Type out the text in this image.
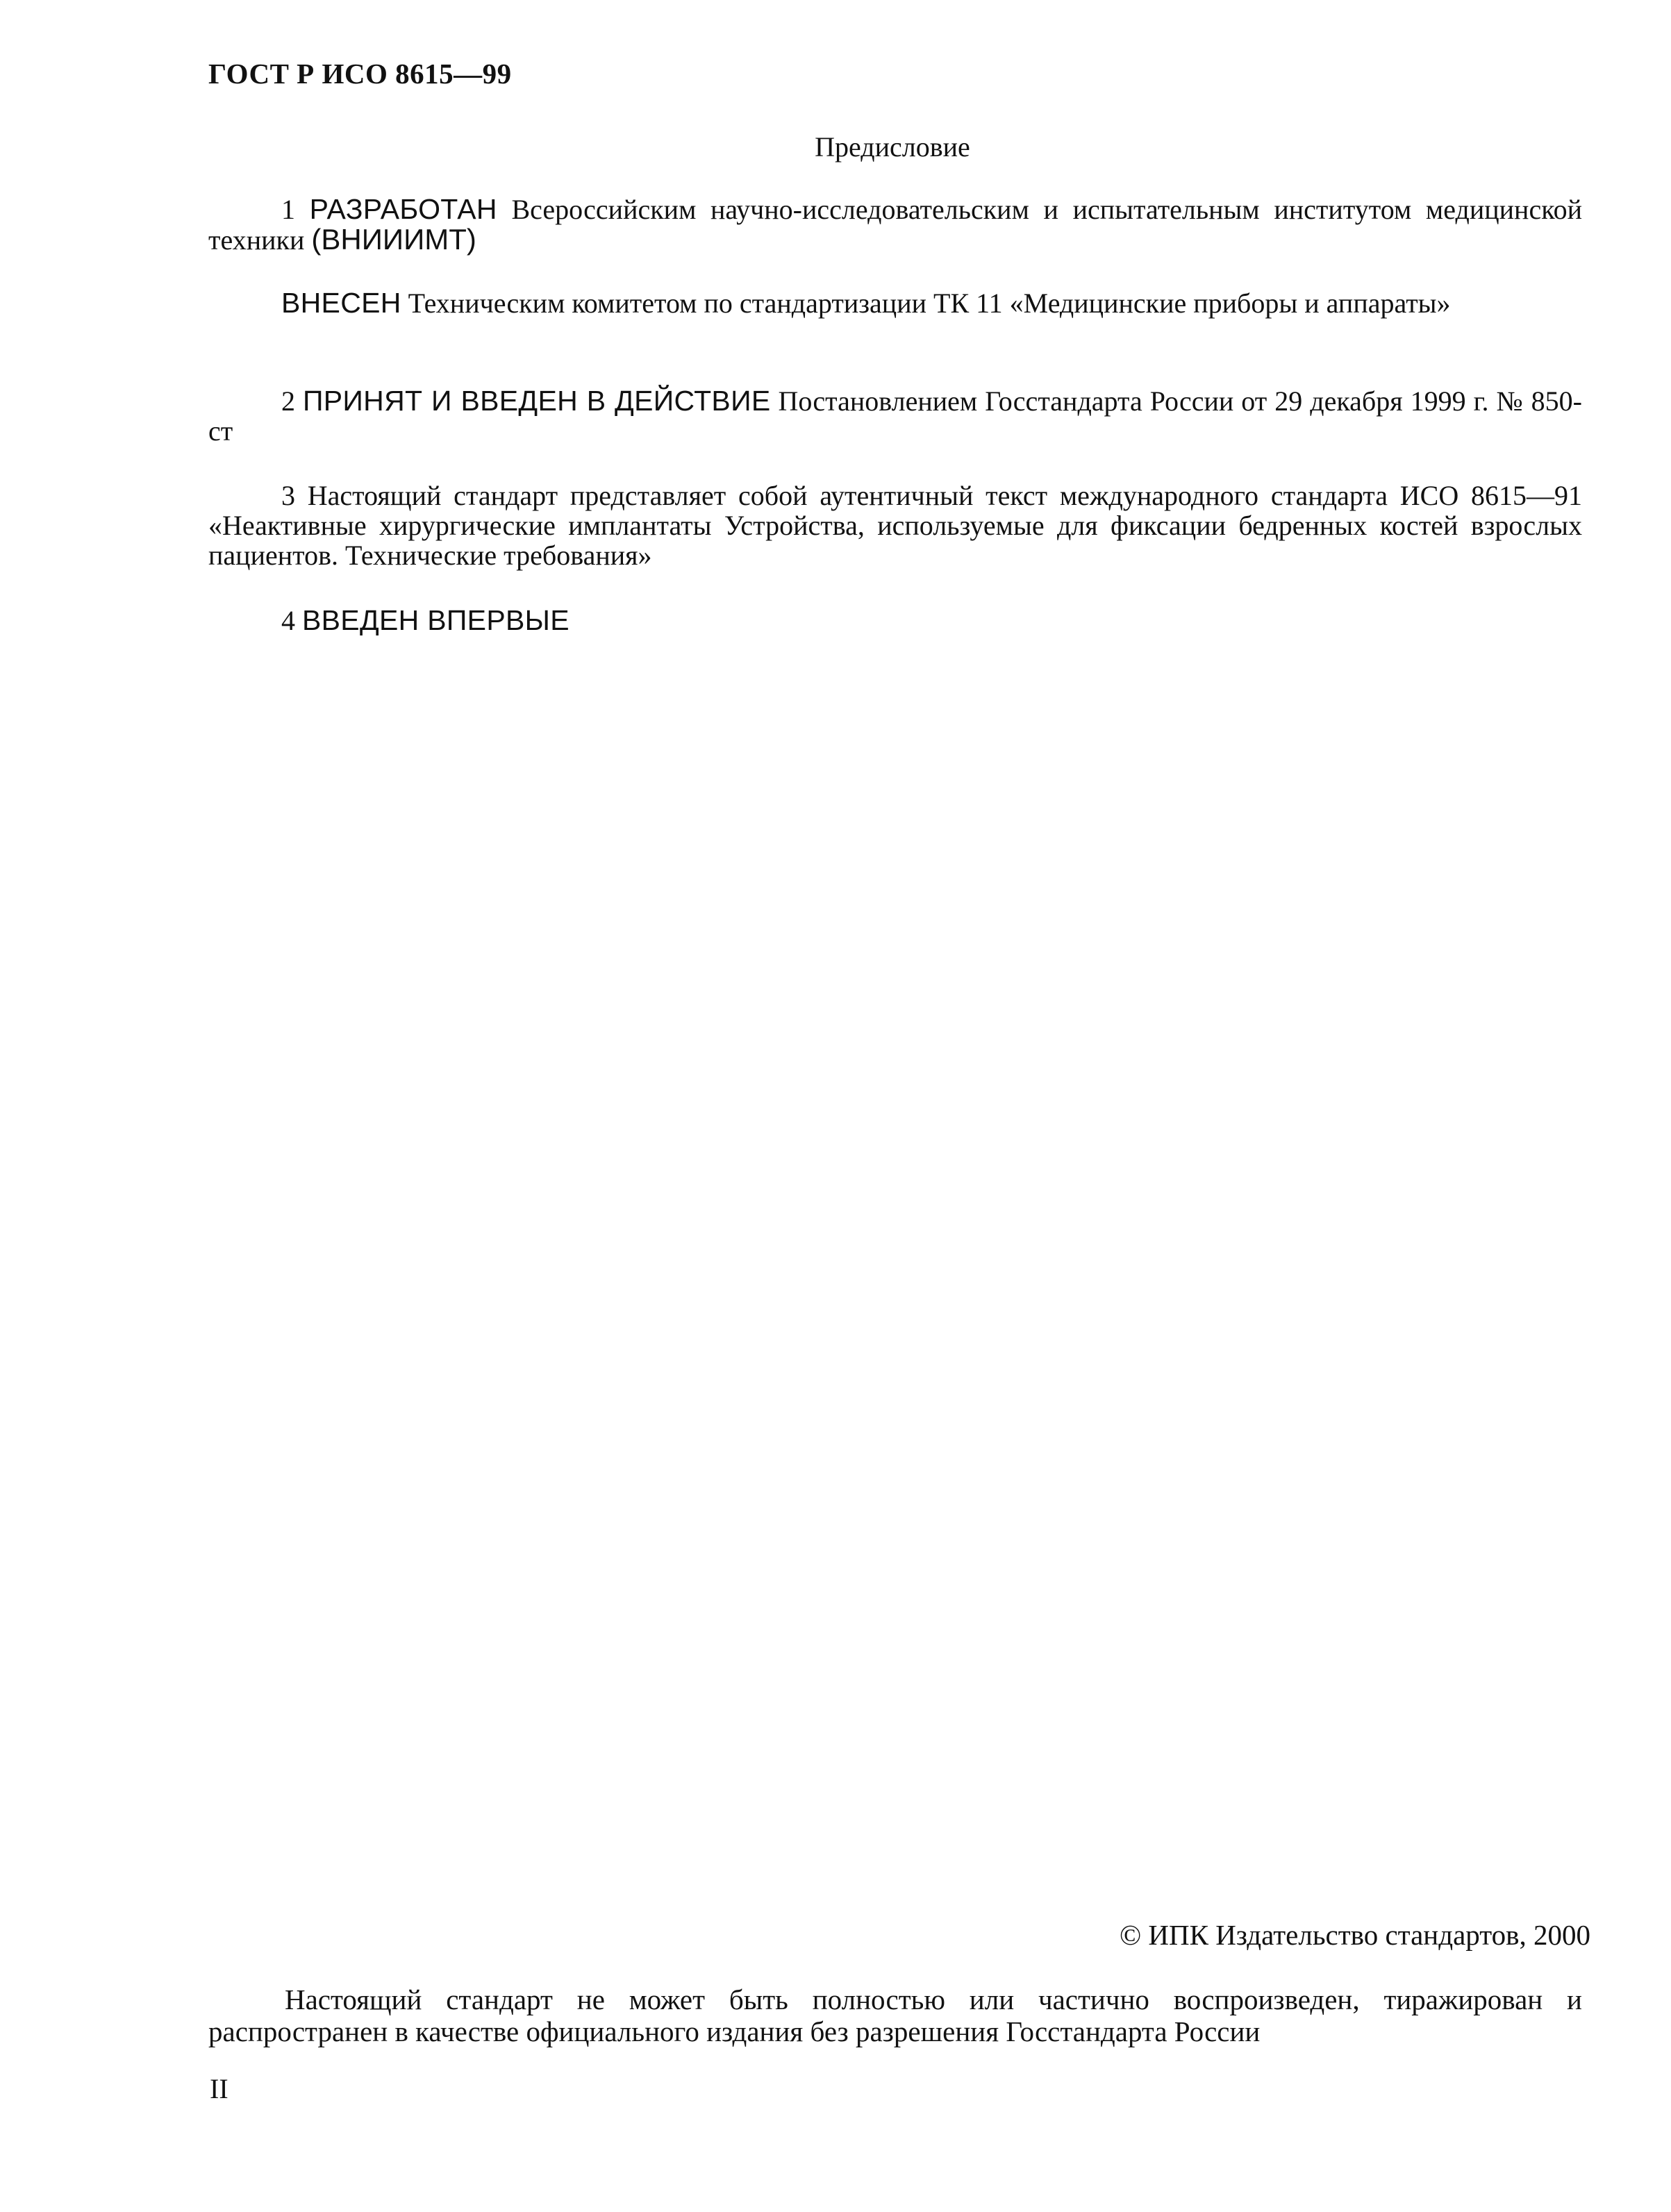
ГОСТ Р ИСО 8615—99
Предисловие

1 РАЗРАБОТАН Всероссийским научно-исследовательским и испытательным институтом медицинской техники (ВНИИИМТ)

ВНЕСЕН Техническим комитетом по стандартизации ТК 11 «Медицинские приборы и аппараты»

2 ПРИНЯТ И ВВЕДЕН В ДЕЙСТВИЕ Постановлением Госстандарта России от 29 декабря 1999 г. № 850-ст

3 Настоящий стандарт представляет собой аутентичный текст международного стандарта ИСО 8615—91 «Неактивные хирургические имплантаты Устройства, используемые для фиксации бедренных костей взрослых пациентов. Технические требования»

4 ВВЕДЕН ВПЕРВЫЕ

© ИПК Издательство стандартов, 2000

Настоящий стандарт не может быть полностью или частично воспроизведен, тиражирован и распространен в качестве официального издания без разрешения Госстандарта России

II
